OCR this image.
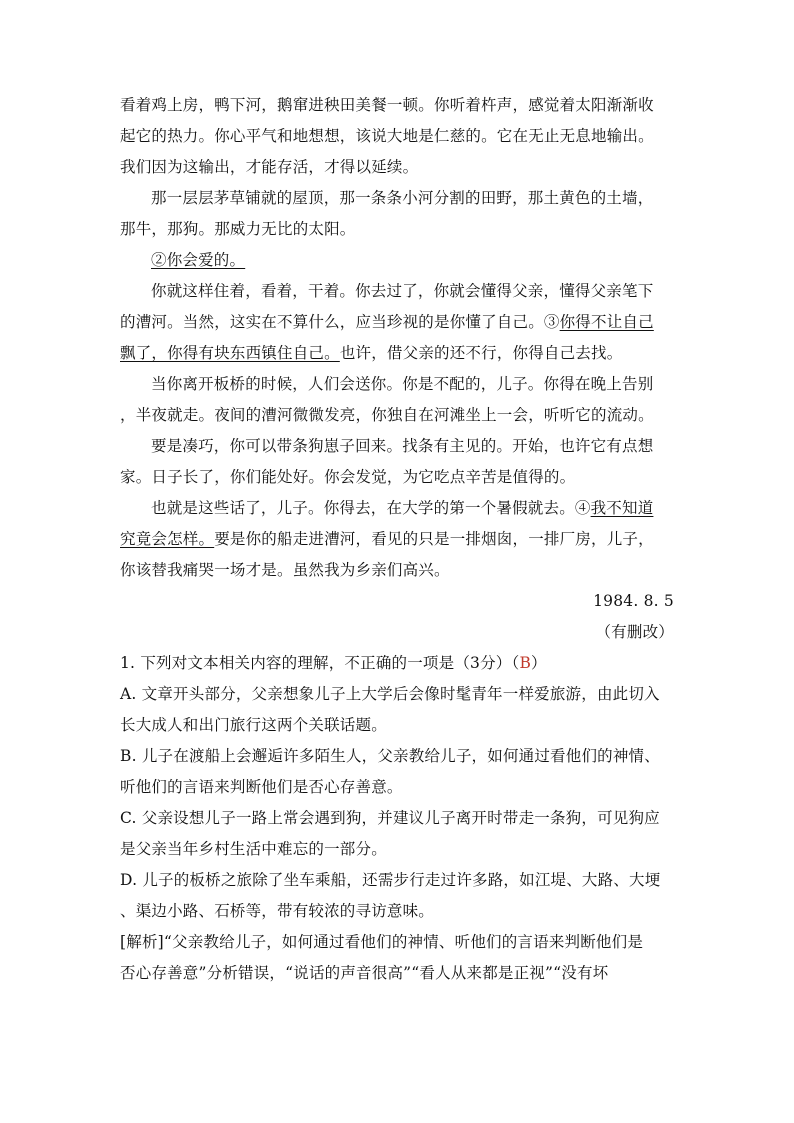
看着鸡上房，鸭下河，鹅窜进秧田美餐一顿。你听着杵声，感觉着太阳渐渐收
起它的热力。你心平气和地想想，该说大地是仁慈的。它在无止无息地输出。
我们因为这输出，才能存活，才得以延续。
那一层层茅草铺就的屋顶，那一条条小河分割的田野，那土黄色的土墙，
那牛，那狗。那威力无比的太阳。
②你会爱的。
你就这样住着，看着，干着。你去过了，你就会懂得父亲，懂得父亲笔下
的漕河。当然，这实在不算什么，应当珍视的是你懂了自己。③你得不让自己
飘了，你得有块东西镇住自己。也许，借父亲的还不行，你得自己去找。
当你离开板桥的时候，人们会送你。你是不配的，儿子。你得在晚上告别
，半夜就走。夜间的漕河微微发亮，你独自在河滩坐上一会，听听它的流动。
要是凑巧，你可以带条狗崽子回来。找条有主见的。开始，也许它有点想
家。日子长了，你们能处好。你会发觉，为它吃点辛苦是值得的。
也就是这些话了，儿子。你得去，在大学的第一个暑假就去。④我不知道
究竟会怎样。要是你的船走进漕河，看见的只是一排烟囱，一排厂房，儿子，
你该替我痛哭一场才是。虽然我为乡亲们高兴。
1984. 8. 5
（有删改）
1. 下列对文本相关内容的理解，不正确的一项是（3分）（B）
A. 文章开头部分，父亲想象儿子上大学后会像时髦青年一样爱旅游，由此切入
长大成人和出门旅行这两个关联话题。
B. 儿子在渡船上会邂逅许多陌生人，父亲教给儿子，如何通过看他们的神情、
听他们的言语来判断他们是否心存善意。
C. 父亲设想儿子一路上常会遇到狗，并建议儿子离开时带走一条狗，可见狗应
是父亲当年乡村生活中难忘的一部分。
D. 儿子的板桥之旅除了坐车乘船，还需步行走过许多路，如江堤、大路、大埂
、渠边小路、石桥等，带有较浓的寻访意味。
[解析]“父亲教给儿子，如何通过看他们的神情、听他们的言语来判断他们是
否心存善意”分析错误，“说话的声音很高”“看人从来都是正视”“没有坏
